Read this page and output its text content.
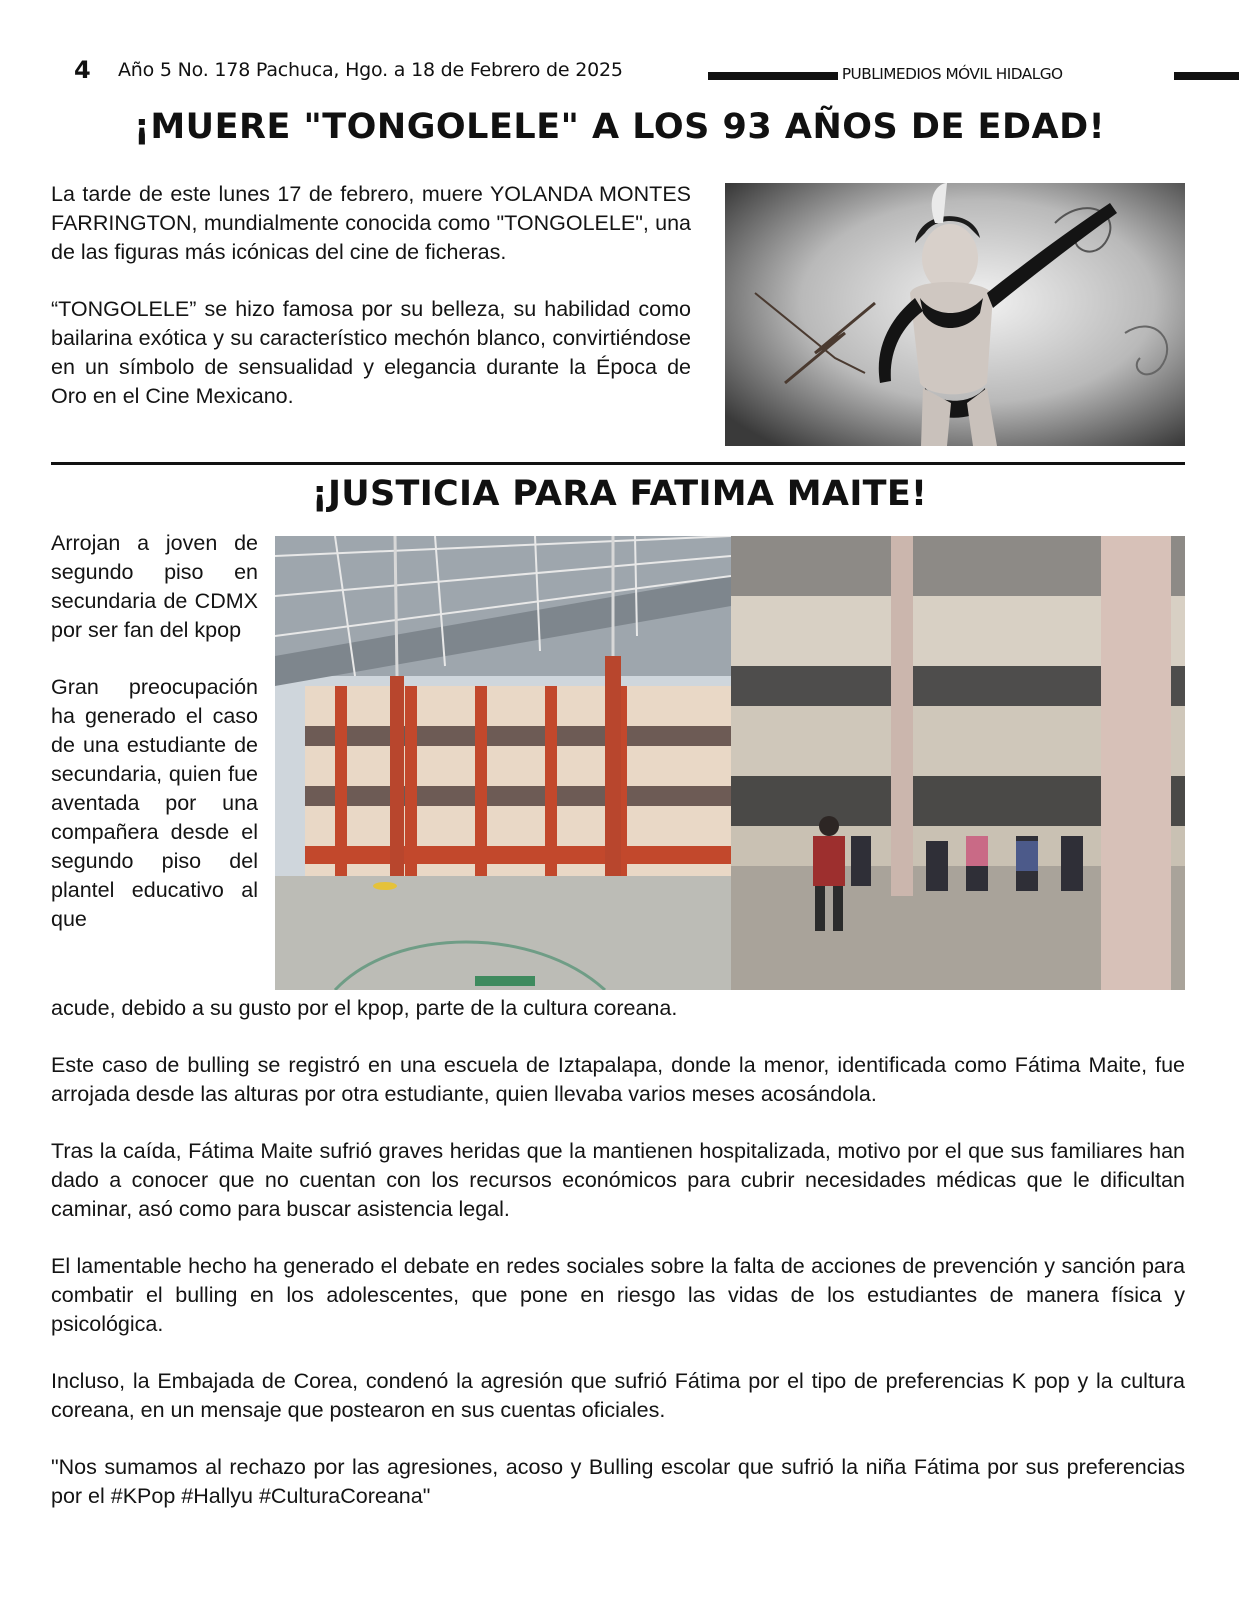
4 Año 5 No. 178 Pachuca, Hgo. a 18 de Febrero de 2025	PUBLIMEDIOS MÓVIL HIDALGO
¡MUERE "TONGOLELE" A LOS 93 AÑOS DE EDAD!

La tarde de este lunes 17 de febrero, muere YOLANDA MONTES FARRINGTON, mundialmente conocida como "TONGOLELE", una de las figuras más icónicas del cine de ficheras.

“TONGOLELE” se hizo famosa por su belleza, su habilidad como bailarina exótica y su característico mechón blanco, convirtiéndose en un símbolo de sensualidad y elegancia durante la Época de Oro en el Cine Mexicano.

¡JUSTICIA PARA FATIMA MAITE!

Arrojan a joven de segundo piso en secundaria de CDMX por ser fan del kpop

Gran preocupación ha generado el caso de una estudiante de secundaria, quien fue aventada por una compañera desde el segundo piso del plantel educativo al que

acude, debido a su gusto por el kpop, parte de la cultura coreana.

Este caso de bulling se registró en una escuela de Iztapalapa, donde la menor, identificada como Fátima Maite, fue arrojada desde las alturas por otra estudiante, quien llevaba varios meses acosándola.

Tras la caída, Fátima Maite sufrió graves heridas que la mantienen hospitalizada, motivo por el que sus familiares han dado a conocer que no cuentan con los recursos económicos para cubrir necesidades médicas que le dificultan caminar, asó como para buscar asistencia legal.

El lamentable hecho ha generado el debate en redes sociales sobre la falta de acciones de prevención y sanción para combatir el bulling en los adolescentes, que pone en riesgo las vidas de los estudiantes de manera física y psicológica.

Incluso, la Embajada de Corea, condenó la agresión que sufrió Fátima por el tipo de preferencias K pop y la cultura coreana, en un mensaje que postearon en sus cuentas oficiales.

"Nos sumamos al rechazo por las agresiones, acoso y Bulling escolar que sufrió la niña Fátima por sus preferencias por el #KPop #Hallyu #CulturaCoreana"
